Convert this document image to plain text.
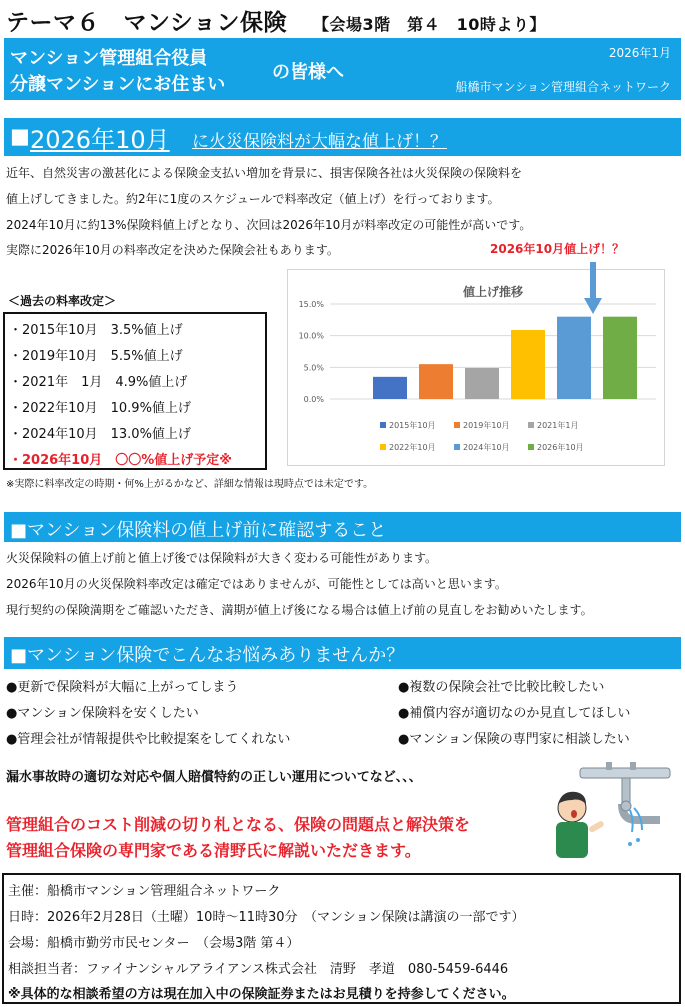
テーマ６　マンション保険 【会場3階　第４　10時より】
マンション管理組合役員
分譲マンションにお住まい
の皆様へ
2026年1月
船橋市マンション管理組合ネットワーク
■ 2026年10月 に火災保険料が大幅な値上げ！？
近年、自然災害の激甚化による保険金支払い増加を背景に、損害保険各社は火災保険の保険料を
値上げしてきました。約2年に1度のスケジュールで料率改定（値上げ）を行っております。
2024年10月に約13%保険料値上げとなり、次回は2026年10月が料率改定の可能性が高いです。
実際に2026年10月の料率改定を決めた保険会社もあります。	2026年10月値上げ！？
＜過去の料率改定＞
・2015年10月　3.5%値上げ
・2019年10月　5.5%値上げ
・2021年　1月　4.9%値上げ
・2022年10月　10.9%値上げ
・2024年10月　13.0%値上げ
・2026年10月　〇〇%値上げ予定※
※実際に料率改定の時期・何%上がるかなど、詳細な情報は現時点では未定です。
値上げ推移
0.0%
5.0%
10.0%
15.0%
2015年10月	2019年10月	2021年1月
2022年10月	2024年10月	2026年10月
■マンション保険料の値上げ前に確認すること
火災保険料の値上げ前と値上げ後では保険料が大きく変わる可能性があります。
2026年10月の火災保険料率改定は確定ではありませんが、可能性としては高いと思います。
現行契約の保険満期をご確認いただき、満期が値上げ後になる場合は値上げ前の見直しをお勧めいたします。
■マンション保険でこんなお悩みありませんか？
●更新で保険料が大幅に上がってしまう
●マンション保険料を安くしたい
●管理会社が情報提供や比較提案をしてくれない
●複数の保険会社で比較比較したい
●補償内容が適切なのか見直してほしい
●マンション保険の専門家に相談したい
漏水事故時の適切な対応や個人賠償特約の正しい運用についてなど、、、
管理組合のコスト削減の切り札となる、保険の問題点と解決策を
管理組合保険の専門家である清野氏に解説いただきます。
主催：船橋市マンション管理組合ネットワーク
日時：2026年2月28日（土曜）10時～11時30分　（マンション保険は講演の一部です）
会場：船橋市勤労市民センター　（会場3階 第４）
相談担当者：ファイナンシャルアライアンス株式会社　清野　孝道　080-5459-6446
※具体的な相談希望の方は現在加入中の保険証券またはお見積りを持参してください。
